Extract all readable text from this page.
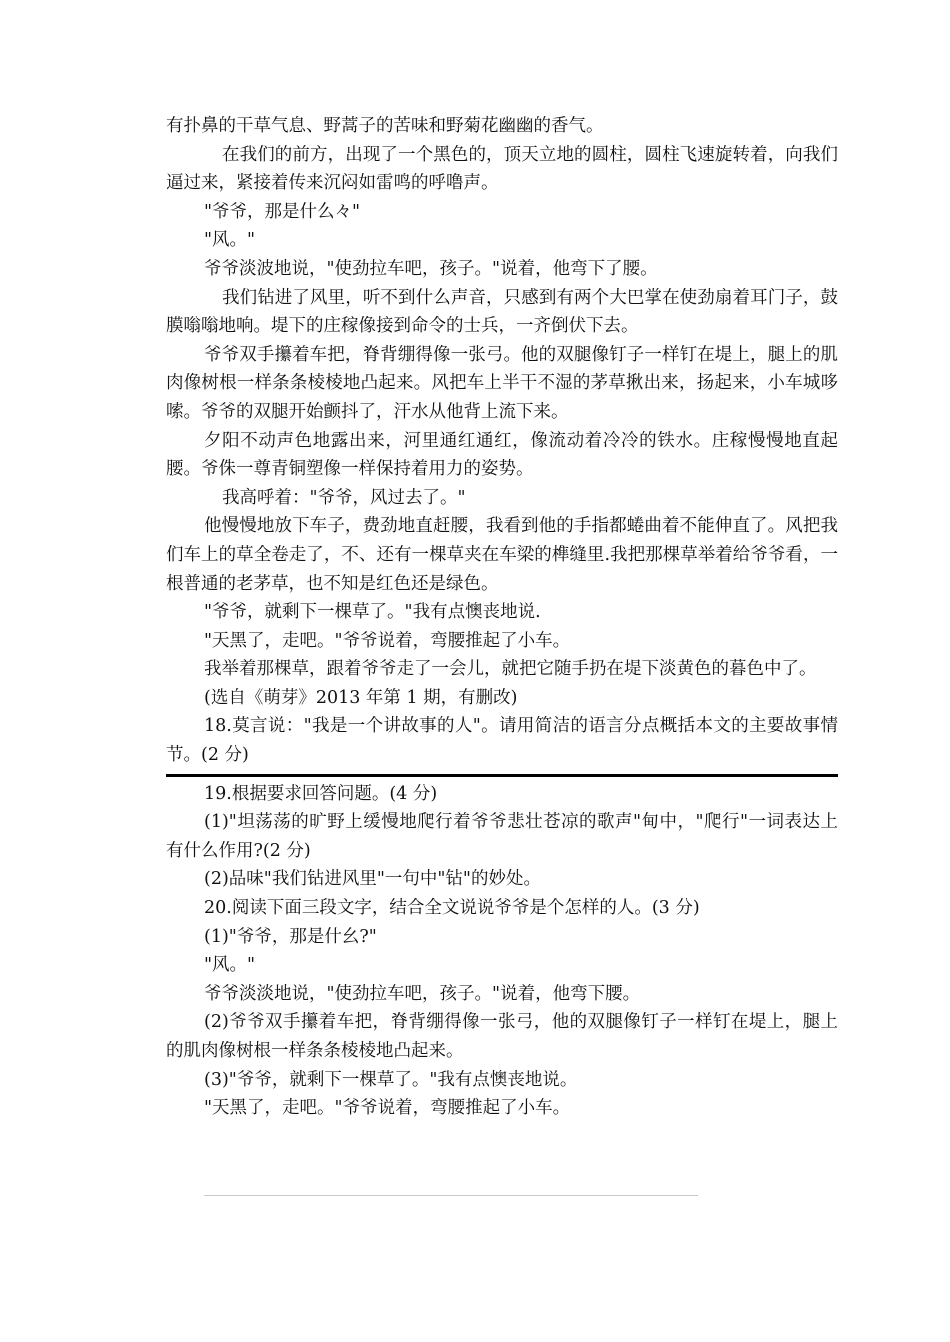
有扑鼻的干草气息、野蒿子的苦味和野菊花幽幽的香气。

在我们的前方，出现了一个黑色的，顶天立地的圆柱，圆柱飞速旋转着，向我们逼过来，紧接着传来沉闷如雷鸣的呼噜声。

"爷爷，那是什么々"

"风。"

爷爷淡波地说，"使劲拉车吧，孩子。"说着，他弯下了腰。

我们钻进了风里，听不到什么声音，只感到有两个大巴掌在使劲扇着耳门子，鼓膜嗡嗡地响。堤下的庄稼像接到命令的士兵，一齐倒伏下去。

爷爷双手攥着车把，脊背绷得像一张弓。他的双腿像钉子一样钉在堤上，腿上的肌肉像树根一样条条棱棱地凸起来。风把车上半干不湿的茅草揪出来，扬起来，小车城哆嗦。爷爷的双腿开始颤抖了，汗水从他背上流下来。

夕阳不动声色地露出来，河里通红通红，像流动着冷冷的铁水。庄稼慢慢地直起腰。爷侏一尊青铜塑像一样保持着用力的姿势。

我高呼着："爷爷，风过去了。"

他慢慢地放下车子，费劲地直赶腰，我看到他的手指都蜷曲着不能伸直了。风把我们车上的草全卷走了，不、还有一棵草夹在车梁的榫缝里.我把那棵草举着给爷爷看，一根普通的老茅草，也不知是红色还是绿色。

"爷爷，就剩下一棵草了。"我有点懊丧地说.

"天黑了，走吧。"爷爷说着，弯腰推起了小车。

我举着那棵草，跟着爷爷走了一会儿，就把它随手扔在堤下淡黄色的暮色中了。

(选自《萌芽》2013 年第 1 期，有删改)

18.莫言说："我是一个讲故事的人"。请用简洁的语言分点概括本文的主要故事情节。(2 分)

19.根据要求回答问题。(4 分)

(1)"坦荡荡的旷野上缓慢地爬行着爷爷悲壮苍凉的歌声"甸中，"爬行"一词表达上有什么作用?(2 分)

(2)品味"我们钻进风里"一句中"钻"的妙处。

20.阅读下面三段文字，结合全文说说爷爷是个怎样的人。(3 分)

(1)"爷爷，那是什幺?"

"风。"

爷爷淡淡地说，"使劲拉车吧，孩子。"说着，他弯下腰。

(2)爷爷双手攥着车把，脊背绷得像一张弓，他的双腿像钉子一样钉在堤上，腿上的肌肉像树根一样条条棱棱地凸起来。

(3)"爷爷，就剩下一棵草了。"我有点懊丧地说。

"天黑了，走吧。"爷爷说着，弯腰推起了小车。
